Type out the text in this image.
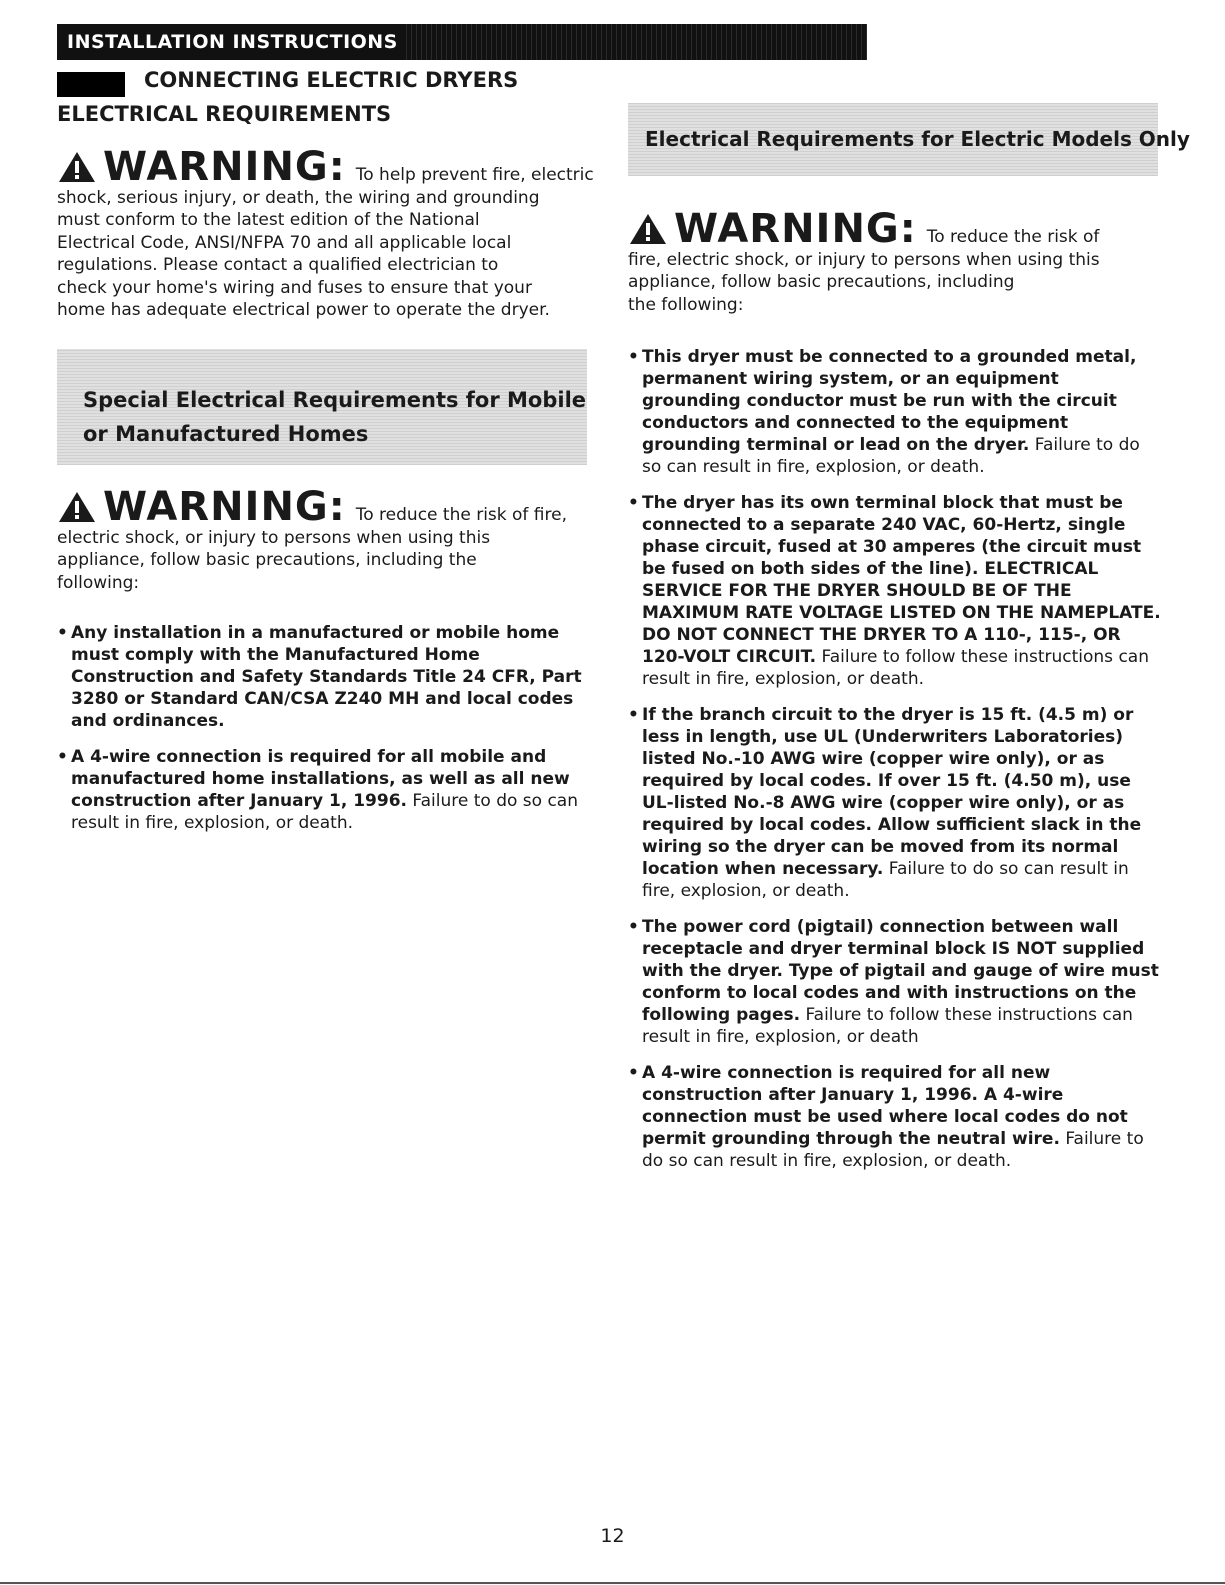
INSTALLATION INSTRUCTIONS
CONNECTING ELECTRIC DRYERS
ELECTRICAL REQUIREMENTS
WARNING: To help prevent fire, electric
shock, serious injury, or death, the wiring and grounding
must conform to the latest edition of the National
Electrical Code, ANSI/NFPA 70 and all applicable local
regulations. Please contact a qualified electrician to
check your home's wiring and fuses to ensure that your
home has adequate electrical power to operate the dryer.
Special Electrical Requirements for Mobile
or Manufactured Homes
WARNING: To reduce the risk of fire,
electric shock, or injury to persons when using this
appliance, follow basic precautions, including the
following:
• Any installation in a manufactured or mobile home must comply with the Manufactured Home Construction and Safety Standards Title 24 CFR, Part 3280 or Standard CAN/CSA Z240 MH and local codes and ordinances.
• A 4-wire connection is required for all mobile and manufactured home installations, as well as all new construction after January 1, 1996. Failure to do so can result in fire, explosion, or death.
Electrical Requirements for Electric Models Only
WARNING: To reduce the risk of
fire, electric shock, or injury to persons when using this
appliance, follow basic precautions, including
the following:
• This dryer must be connected to a grounded metal, permanent wiring system, or an equipment grounding conductor must be run with the circuit conductors and connected to the equipment grounding terminal or lead on the dryer. Failure to do so can result in fire, explosion, or death.
• The dryer has its own terminal block that must be connected to a separate 240 VAC, 60-Hertz, single phase circuit, fused at 30 amperes (the circuit must be fused on both sides of the line). ELECTRICAL SERVICE FOR THE DRYER SHOULD BE OF THE MAXIMUM RATE VOLTAGE LISTED ON THE NAMEPLATE. DO NOT CONNECT THE DRYER TO A 110-, 115-, OR 120-VOLT CIRCUIT. Failure to follow these instructions can result in fire, explosion, or death.
• If the branch circuit to the dryer is 15 ft. (4.5 m) or less in length, use UL (Underwriters Laboratories) listed No.-10 AWG wire (copper wire only), or as required by local codes. If over 15 ft. (4.50 m), use UL-listed No.-8 AWG wire (copper wire only), or as required by local codes. Allow sufficient slack in the wiring so the dryer can be moved from its normal location when necessary. Failure to do so can result in fire, explosion, or death.
• The power cord (pigtail) connection between wall receptacle and dryer terminal block IS NOT supplied with the dryer. Type of pigtail and gauge of wire must conform to local codes and with instructions on the following pages. Failure to follow these instructions can result in fire, explosion, or death
• A 4-wire connection is required for all new construction after January 1, 1996. A 4-wire connection must be used where local codes do not permit grounding through the neutral wire. Failure to do so can result in fire, explosion, or death.
12
